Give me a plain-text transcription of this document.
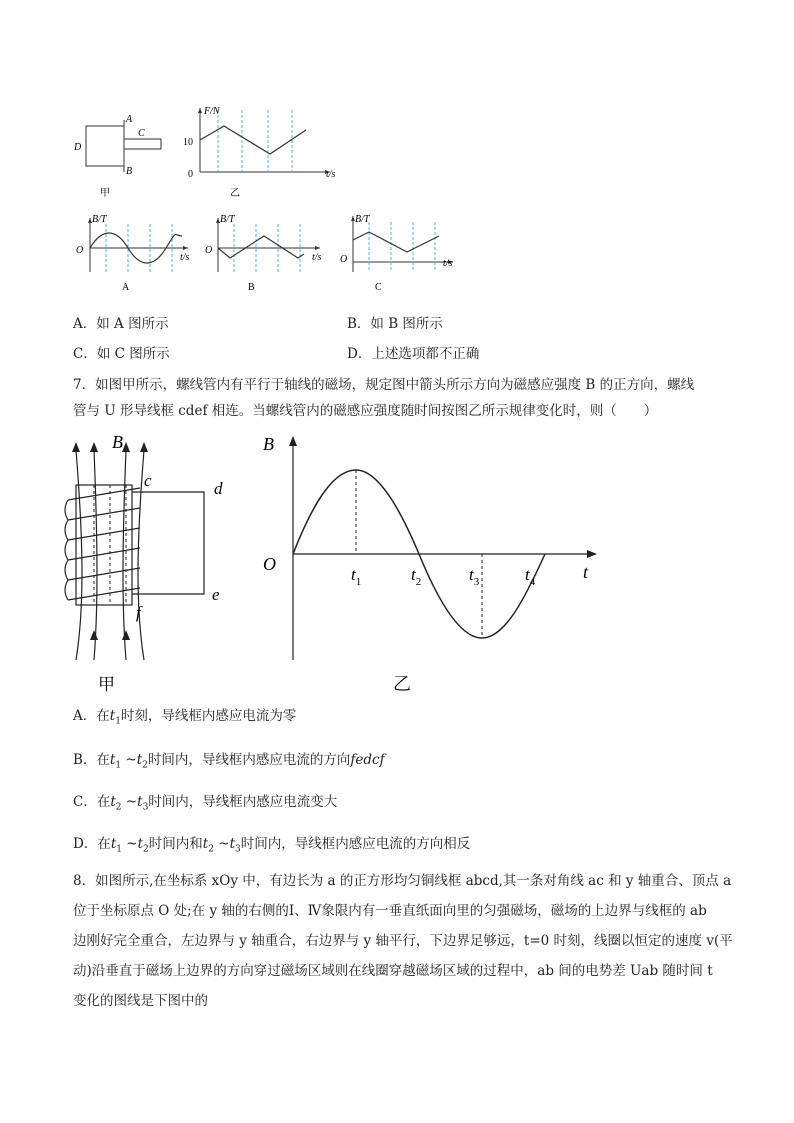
A
C
D
B
甲
F/N
10
0	t/s
乙
B/T
O
t/s
A
B/T
O
t/s
B
B/T
O	t/s
C
A．如 A 图所示	B．如 B 图所示
C．如 C 图所示	D．上述选项都不正确

7．如图甲所示，螺线管内有平行于轴线的磁场，规定图中箭头所示方向为磁感应强度 B 的正方向，螺线

管与 U 形导线框 cdef 相连。当螺线管内的磁感应强度随时间按图乙所示规律变化时，则（　　）

B
c	d
e
f
甲
B
O	t
$t_1$	$t_2$	$t_3$	$t_4$
乙
A．在$t_1$时刻，导线框内感应电流为零
B．在$t_1$ $\sim t_2$时间内，导线框内感应电流的方向fedcf
C．在$t_2$ $\sim t_3$时间内，导线框内感应电流变大
D．在$t_1$ $\sim t_2$时间内和$t_2$ $\sim t_3$时间内，导线框内感应电流的方向相反

8．如图所示,在坐标系 xOy 中，有边长为 a 的正方形均匀铜线框 abcd,其一条对角线 ac 和 y 轴重合、顶点 a

位于坐标原点 O 处;在 y 轴的右侧的Ⅰ、Ⅳ象限内有一垂直纸面向里的匀强磁场，磁场的上边界与线框的 ab

边刚好完全重合，左边界与 y 轴重合，右边界与 y 轴平行，下边界足够远，t=0 时刻，线圈以恒定的速度 v(平

动)沿垂直于磁场上边界的方向穿过磁场区域则在线圈穿越磁场区域的过程中，ab 间的电势差 Uab 随时间 t

变化的图线是下图中的
